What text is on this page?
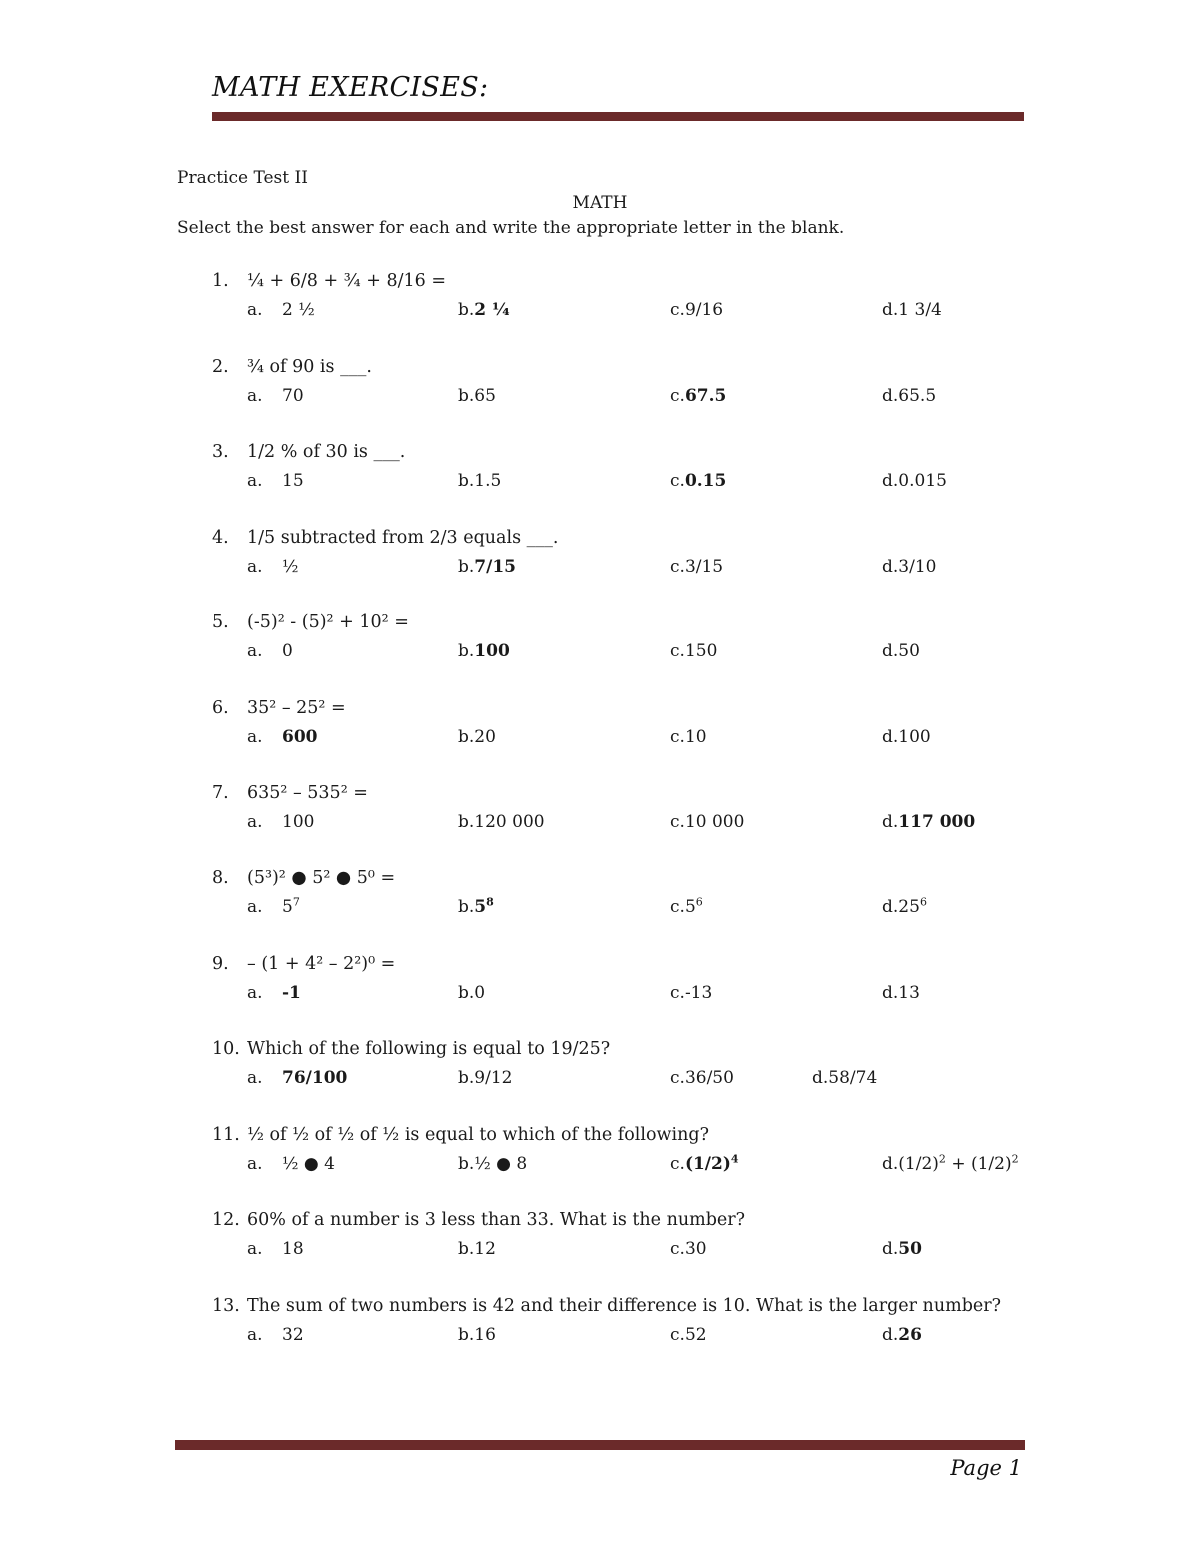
MATH EXERCISES:
Practice Test II
MATH
Select the best answer for each and write the appropriate letter in the blank.
1. ¼ + 6/8 + ¾ + 8/16 =
a. 2 ½	b.2 ¼	c.9/16	d.1 3/4
2. ¾ of 90 is ___.
a. 70	b.65	c.67.5	d.65.5
3. 1/2 % of 30 is ___.
a. 15	b.1.5	c.0.15	d.0.015
4. 1/5 subtracted from 2/3 equals ___.
a. ½	b.7/15	c.3/15	d.3/10
5. (-5)² - (5)² + 10² =
a. 0	b.100	c.150	d.50
6. 35² – 25² =
a. 600	b.20	c.10	d.100
7. 635² – 535² =
a. 100	b.120 000	c.10 000	d.117 000
8. (5³)² ● 5² ● 5⁰ =
a. $5^7$	$b.5^8$	$c.5^6$	$d.25^6$
9. – (1 + 4² – 2²)⁰ =
a. -1	b.0	c.-13	d.13
10. Which of the following is equal to 19/25?
a. 76/100	b.9/12	c.36/50	d.58/74
11. ½ of ½ of ½ of ½ is equal to which of the following?
a. ½ ● 4	b.½ ● 8	$c.(1/2)^4$	$d.(1/2)^2 + (1/2)^2$
12. 60% of a number is 3 less than 33. What is the number?
a. 18	b.12	c.30	d.50
13. The sum of two numbers is 42 and their difference is 10. What is the larger number?
a. 32	b.16	c.52	d.26
Page 1
